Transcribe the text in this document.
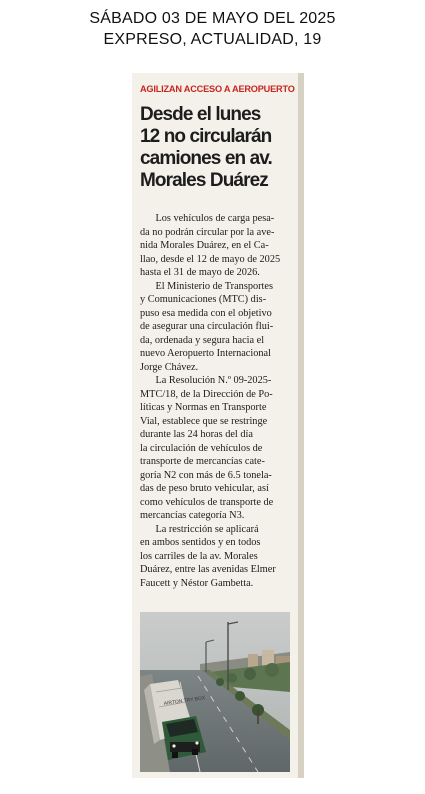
SÁBADO 03 DE MAYO DEL 2025
EXPRESO, ACTUALIDAD, 19
AGILIZAN ACCESO A AEROPUERTO
Desde el lunes
12 no circularán
camiones en av.
Morales Duárez
Los vehículos de carga pesa-
da no podrán circular por la ave-
nida Morales Duárez, en el Ca-
llao, desde el 12 de mayo de 2025
hasta el 31 de mayo de 2026.
El Ministerio de Transportes
y Comunicaciones (MTC) dis-
puso esa medida con el objetivo
de asegurar una circulación flui-
da, ordenada y segura hacia el
nuevo Aeropuerto Internacional
Jorge Chávez.
La Resolución N.º 09-2025-
MTC/18, de la Dirección de Po-
líticas y Normas en Transporte
Vial, establece que se restringe
durante las 24 horas del día
la circulación de vehículos de
transporte de mercancías cate-
goría N2 con más de 6.5 tonela-
das de peso bruto vehicular, así
como vehículos de transporte de
mercancías categoría N3.
La restricción se aplicará
en ambos sentidos y en todos
los carriles de la av. Morales
Duárez, entre las avenidas Elmer
Faucett y Néstor Gambetta.
AIRTON TRY BOX
